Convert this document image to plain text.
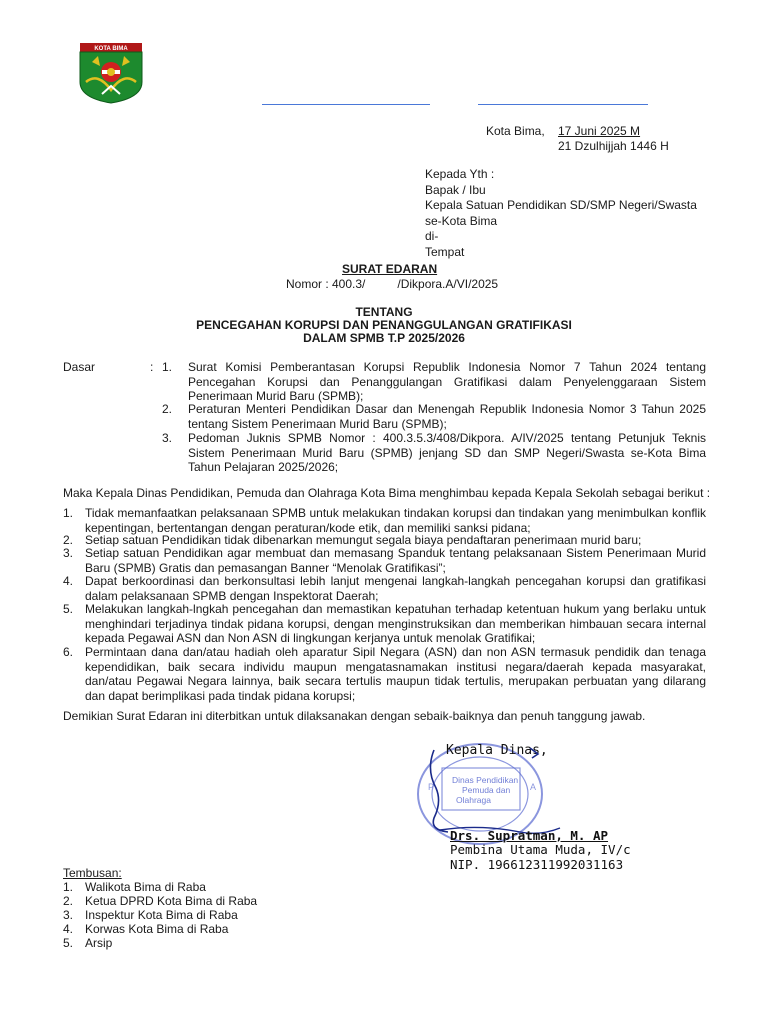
KOTA BIMA
Kota Bima, 17 Juni 2025 M
21 Dzulhijjah 1446 H
Kepada Yth :
Bapak / Ibu
Kepala Satuan Pendidikan SD/SMP Negeri/Swasta
se-Kota Bima
di-
Tempat
SURAT EDARAN
Nomor : 400.3/	/Dikpora.A/VI/2025
TENTANG
PENCEGAHAN KORUPSI DAN PENANGGULANGAN GRATIFIKASI
DALAM SPMB T.P 2025/2026
Dasar	: 1. Surat Komisi Pemberantasan Korupsi Republik Indonesia Nomor 7 Tahun 2024 tentang Pencegahan Korupsi dan Penanggulangan Gratifikasi dalam Penyelenggaraan Sistem Penerimaan Murid Baru (SPMB);
2. Peraturan Menteri Pendidikan Dasar dan Menengah Republik Indonesia Nomor 3 Tahun 2025 tentang Sistem Penerimaan Murid Baru (SPMB);
3. Pedoman Juknis SPMB Nomor : 400.3.5.3/408/Dikpora. A/IV/2025 tentang Petunjuk Teknis Sistem Penerimaan Murid Baru (SPMB) jenjang SD dan SMP Negeri/Swasta se-Kota Bima Tahun Pelajaran 2025/2026;
Maka Kepala Dinas Pendidikan, Pemuda dan Olahraga Kota Bima menghimbau kepada Kepala Sekolah sebagai berikut :
1. Tidak memanfaatkan pelaksanaan SPMB untuk melakukan tindakan korupsi dan tindakan yang menimbulkan konflik kepentingan, bertentangan dengan peraturan/kode etik, dan memiliki sanksi pidana;
2. Setiap satuan Pendidikan tidak dibenarkan memungut segala biaya pendaftaran penerimaan murid baru;
3. Setiap satuan Pendidikan agar membuat dan memasang Spanduk tentang pelaksanaan Sistem Penerimaan Murid Baru (SPMB) Gratis dan pemasangan Banner “Menolak Gratifikasi”;
4. Dapat berkoordinasi dan berkonsultasi lebih lanjut mengenai langkah-langkah pencegahan korupsi dan gratifikasi dalam pelaksanaan SPMB dengan Inspektorat Daerah;
5. Melakukan langkah-lngkah pencegahan dan memastikan kepatuhan terhadap ketentuan hukum yang berlaku untuk menghindari terjadinya tindak pidana korupsi, dengan menginstruksikan dan memberikan himbauan secara internal kepada Pegawai ASN dan Non ASN di lingkungan kerjanya untuk menolak Gratifikai;
6. Permintaan dana dan/atau hadiah oleh aparatur Sipil Negara (ASN) dan non ASN termasuk pendidik dan tenaga kependidikan, baik secara individu maupun mengatasnamakan institusi negara/daerah kepada masyarakat, dan/atau Pegawai Negara lainnya, baik secara tertulis maupun tidak tertulis, merupakan perbuatan yang dilarang dan dapat berimplikasi pada tindak pidana korupsi;
Demikian Surat Edaran ini diterbitkan untuk dilaksanakan dengan sebaik-baiknya dan penuh tanggung jawab.
P	A
Dinas Pendidikan
Pemuda dan
Olahraga
Kepala Dinas,
Drs. Supratman, M. AP
Pembina Utama Muda, IV/c
NIP. 196612311992031163
Tembusan:
1. Walikota Bima di Raba
2. Ketua DPRD Kota Bima di Raba
3. Inspektur Kota Bima di Raba
4. Korwas Kota Bima di Raba
5. Arsip
